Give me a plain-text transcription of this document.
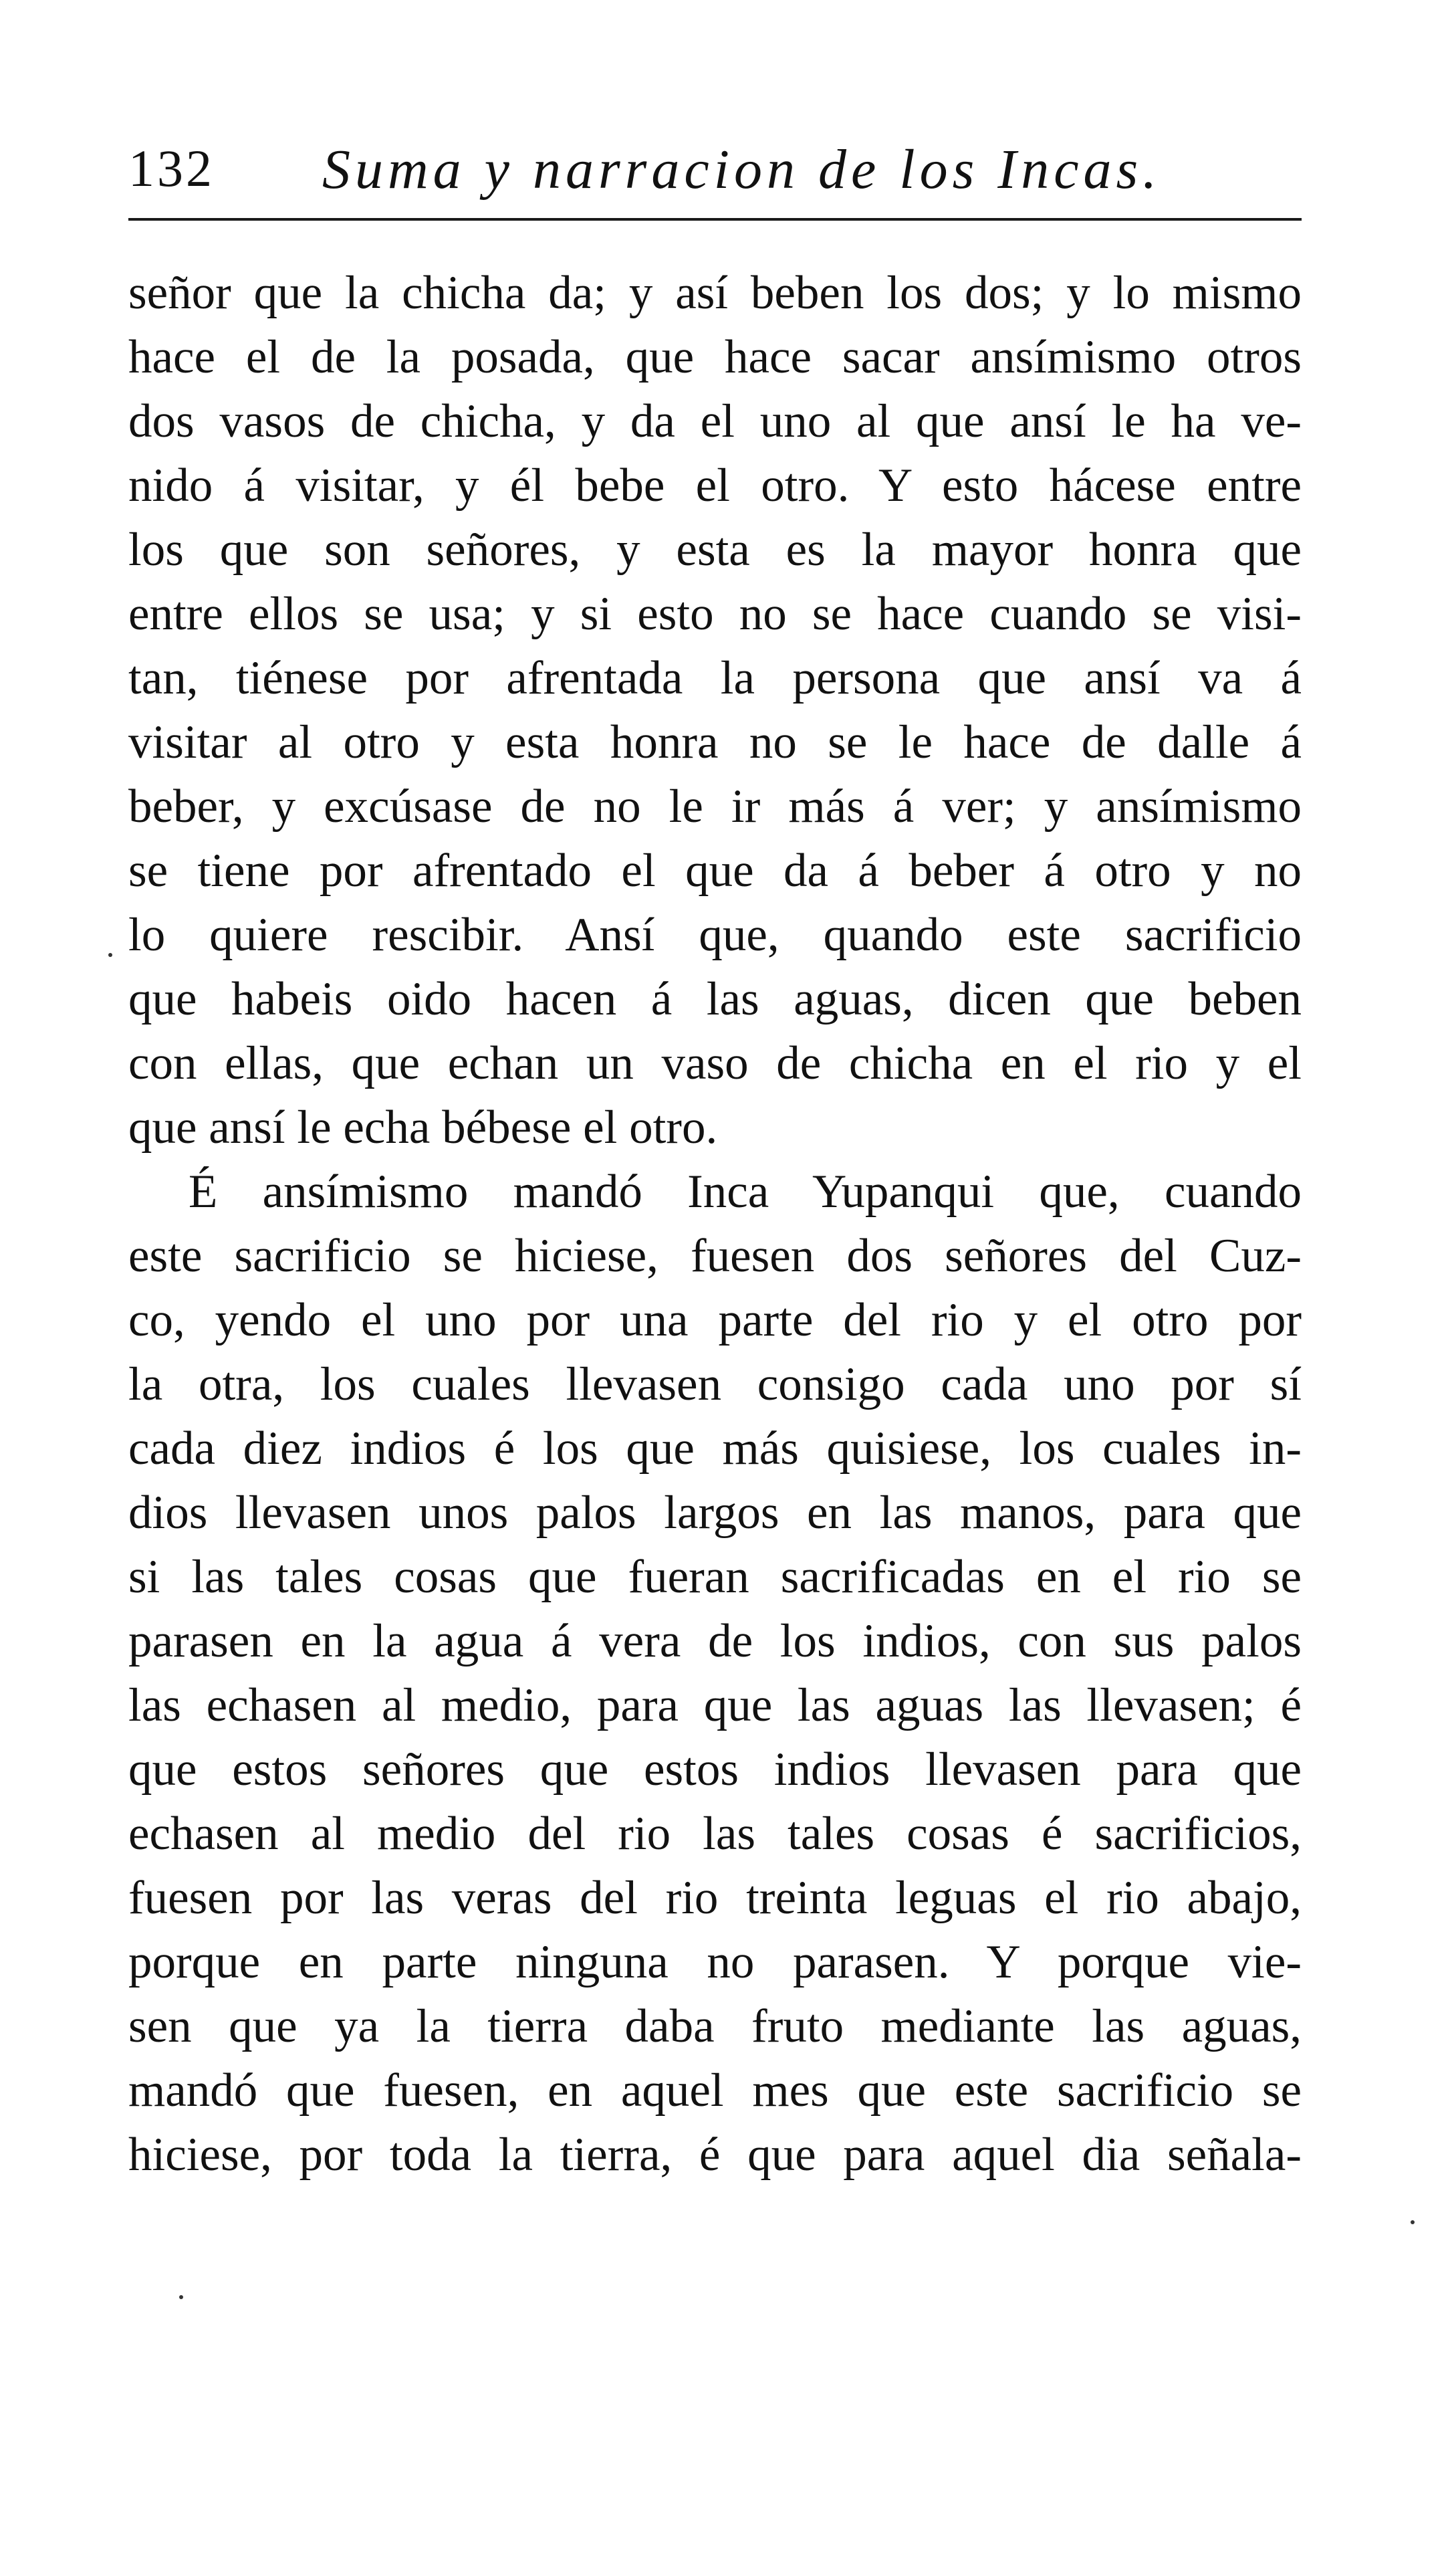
132 Suma y narracion de los Incas.
señor que la chicha da; y así beben los dos; y lo mismo
hace el de la posada, que hace sacar ansímismo otros
dos vasos de chicha, y da el uno al que ansí le ha ve-
nido á visitar, y él bebe el otro. Y esto hácese entre
los que son señores, y esta es la mayor honra que
entre ellos se usa; y si esto no se hace cuando se visi-
tan, tiénese por afrentada la persona que ansí va á
visitar al otro y esta honra no se le hace de dalle á
beber, y excúsase de no le ir más á ver; y ansímismo
se tiene por afrentado el que da á beber á otro y no
lo quiere rescibir. Ansí que, quando este sacrificio
que habeis oido hacen á las aguas, dicen que beben
con ellas, que echan un vaso de chicha en el rio y el
que ansí le echa bébese el otro.
É ansímismo mandó Inca Yupanqui que, cuando
este sacrificio se hiciese, fuesen dos señores del Cuz-
co, yendo el uno por una parte del rio y el otro por
la otra, los cuales llevasen consigo cada uno por sí
cada diez indios é los que más quisiese, los cuales in-
dios llevasen unos palos largos en las manos, para que
si las tales cosas que fueran sacrificadas en el rio se
parasen en la agua á vera de los indios, con sus palos
las echasen al medio, para que las aguas las llevasen; é
que estos señores que estos indios llevasen para que
echasen al medio del rio las tales cosas é sacrificios,
fuesen por las veras del rio treinta leguas el rio abajo,
porque en parte ninguna no parasen. Y porque vie-
sen que ya la tierra daba fruto mediante las aguas,
mandó que fuesen, en aquel mes que este sacrificio se
hiciese, por toda la tierra, é que para aquel dia señala-
